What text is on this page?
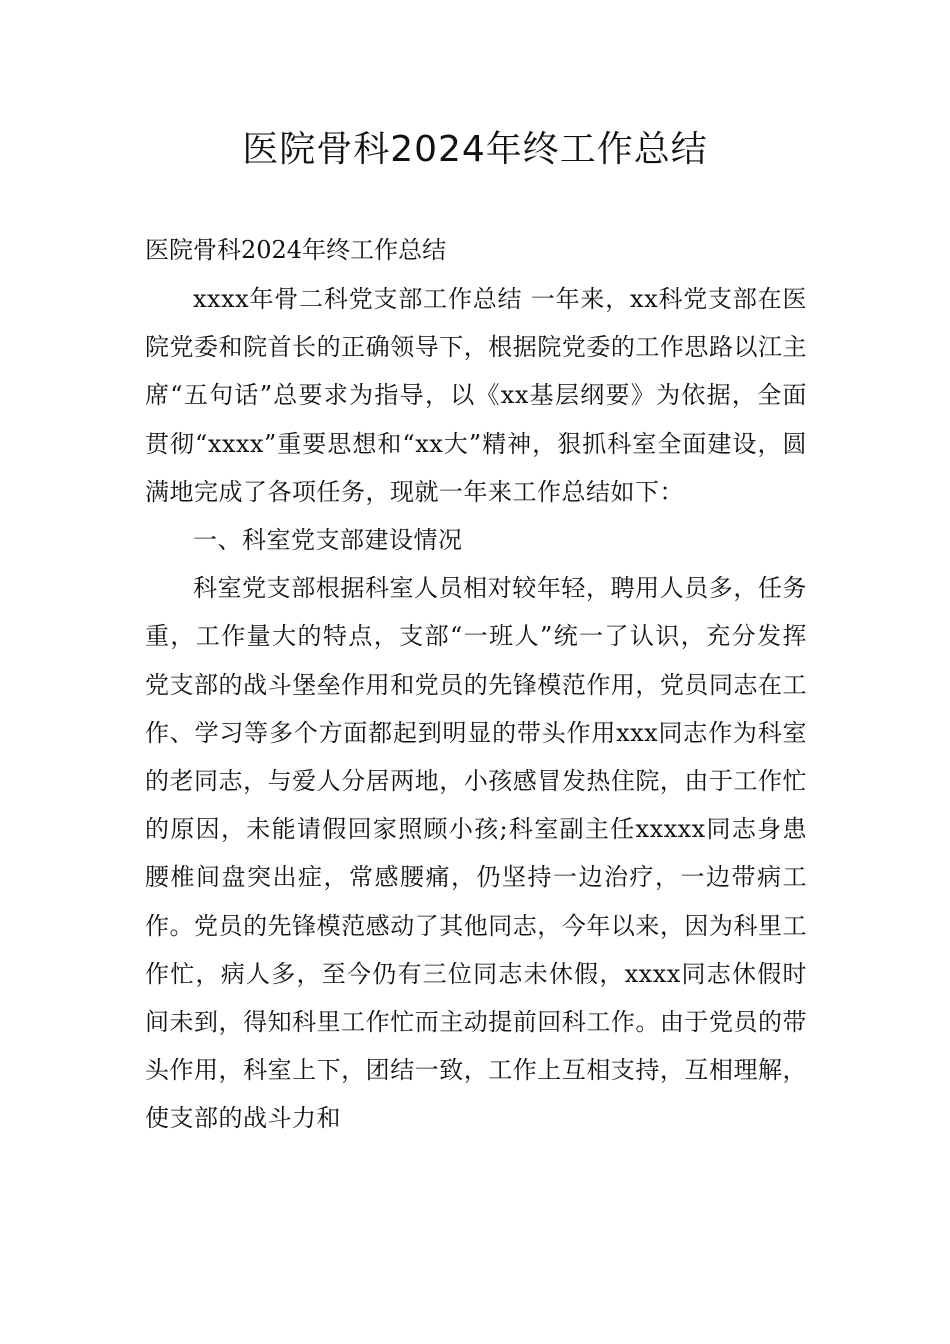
医院骨科2024年终工作总结

医院骨科2024年终工作总结

xxxx年骨二科党支部工作总结 一年来，xx科党支部在医院党委和院首长的正确领导下，根据院党委的工作思路以江主席“五句话”总要求为指导，以《xx基层纲要》为依据，全面贯彻“xxxx”重要思想和“xx大”精神，狠抓科室全面建设，圆满地完成了各项任务，现就一年来工作总结如下：

一、科室党支部建设情况

科室党支部根据科室人员相对较年轻，聘用人员多，任务重，工作量大的特点，支部“一班人”统一了认识，充分发挥党支部的战斗堡垒作用和党员的先锋模范作用，党员同志在工作、学习等多个方面都起到明显的带头作用xxx同志作为科室的老同志，与爱人分居两地，小孩感冒发热住院，由于工作忙的原因，未能请假回家照顾小孩;科室副主任xxxxx同志身患腰椎间盘突出症，常感腰痛，仍坚持一边治疗，一边带病工作。党员的先锋模范感动了其他同志，今年以来，因为科里工作忙，病人多，至今仍有三位同志未休假，xxxx同志休假时间未到，得知科里工作忙而主动提前回科工作。由于党员的带头作用，科室上下，团结一致，工作上互相支持，互相理解，使支部的战斗力和
